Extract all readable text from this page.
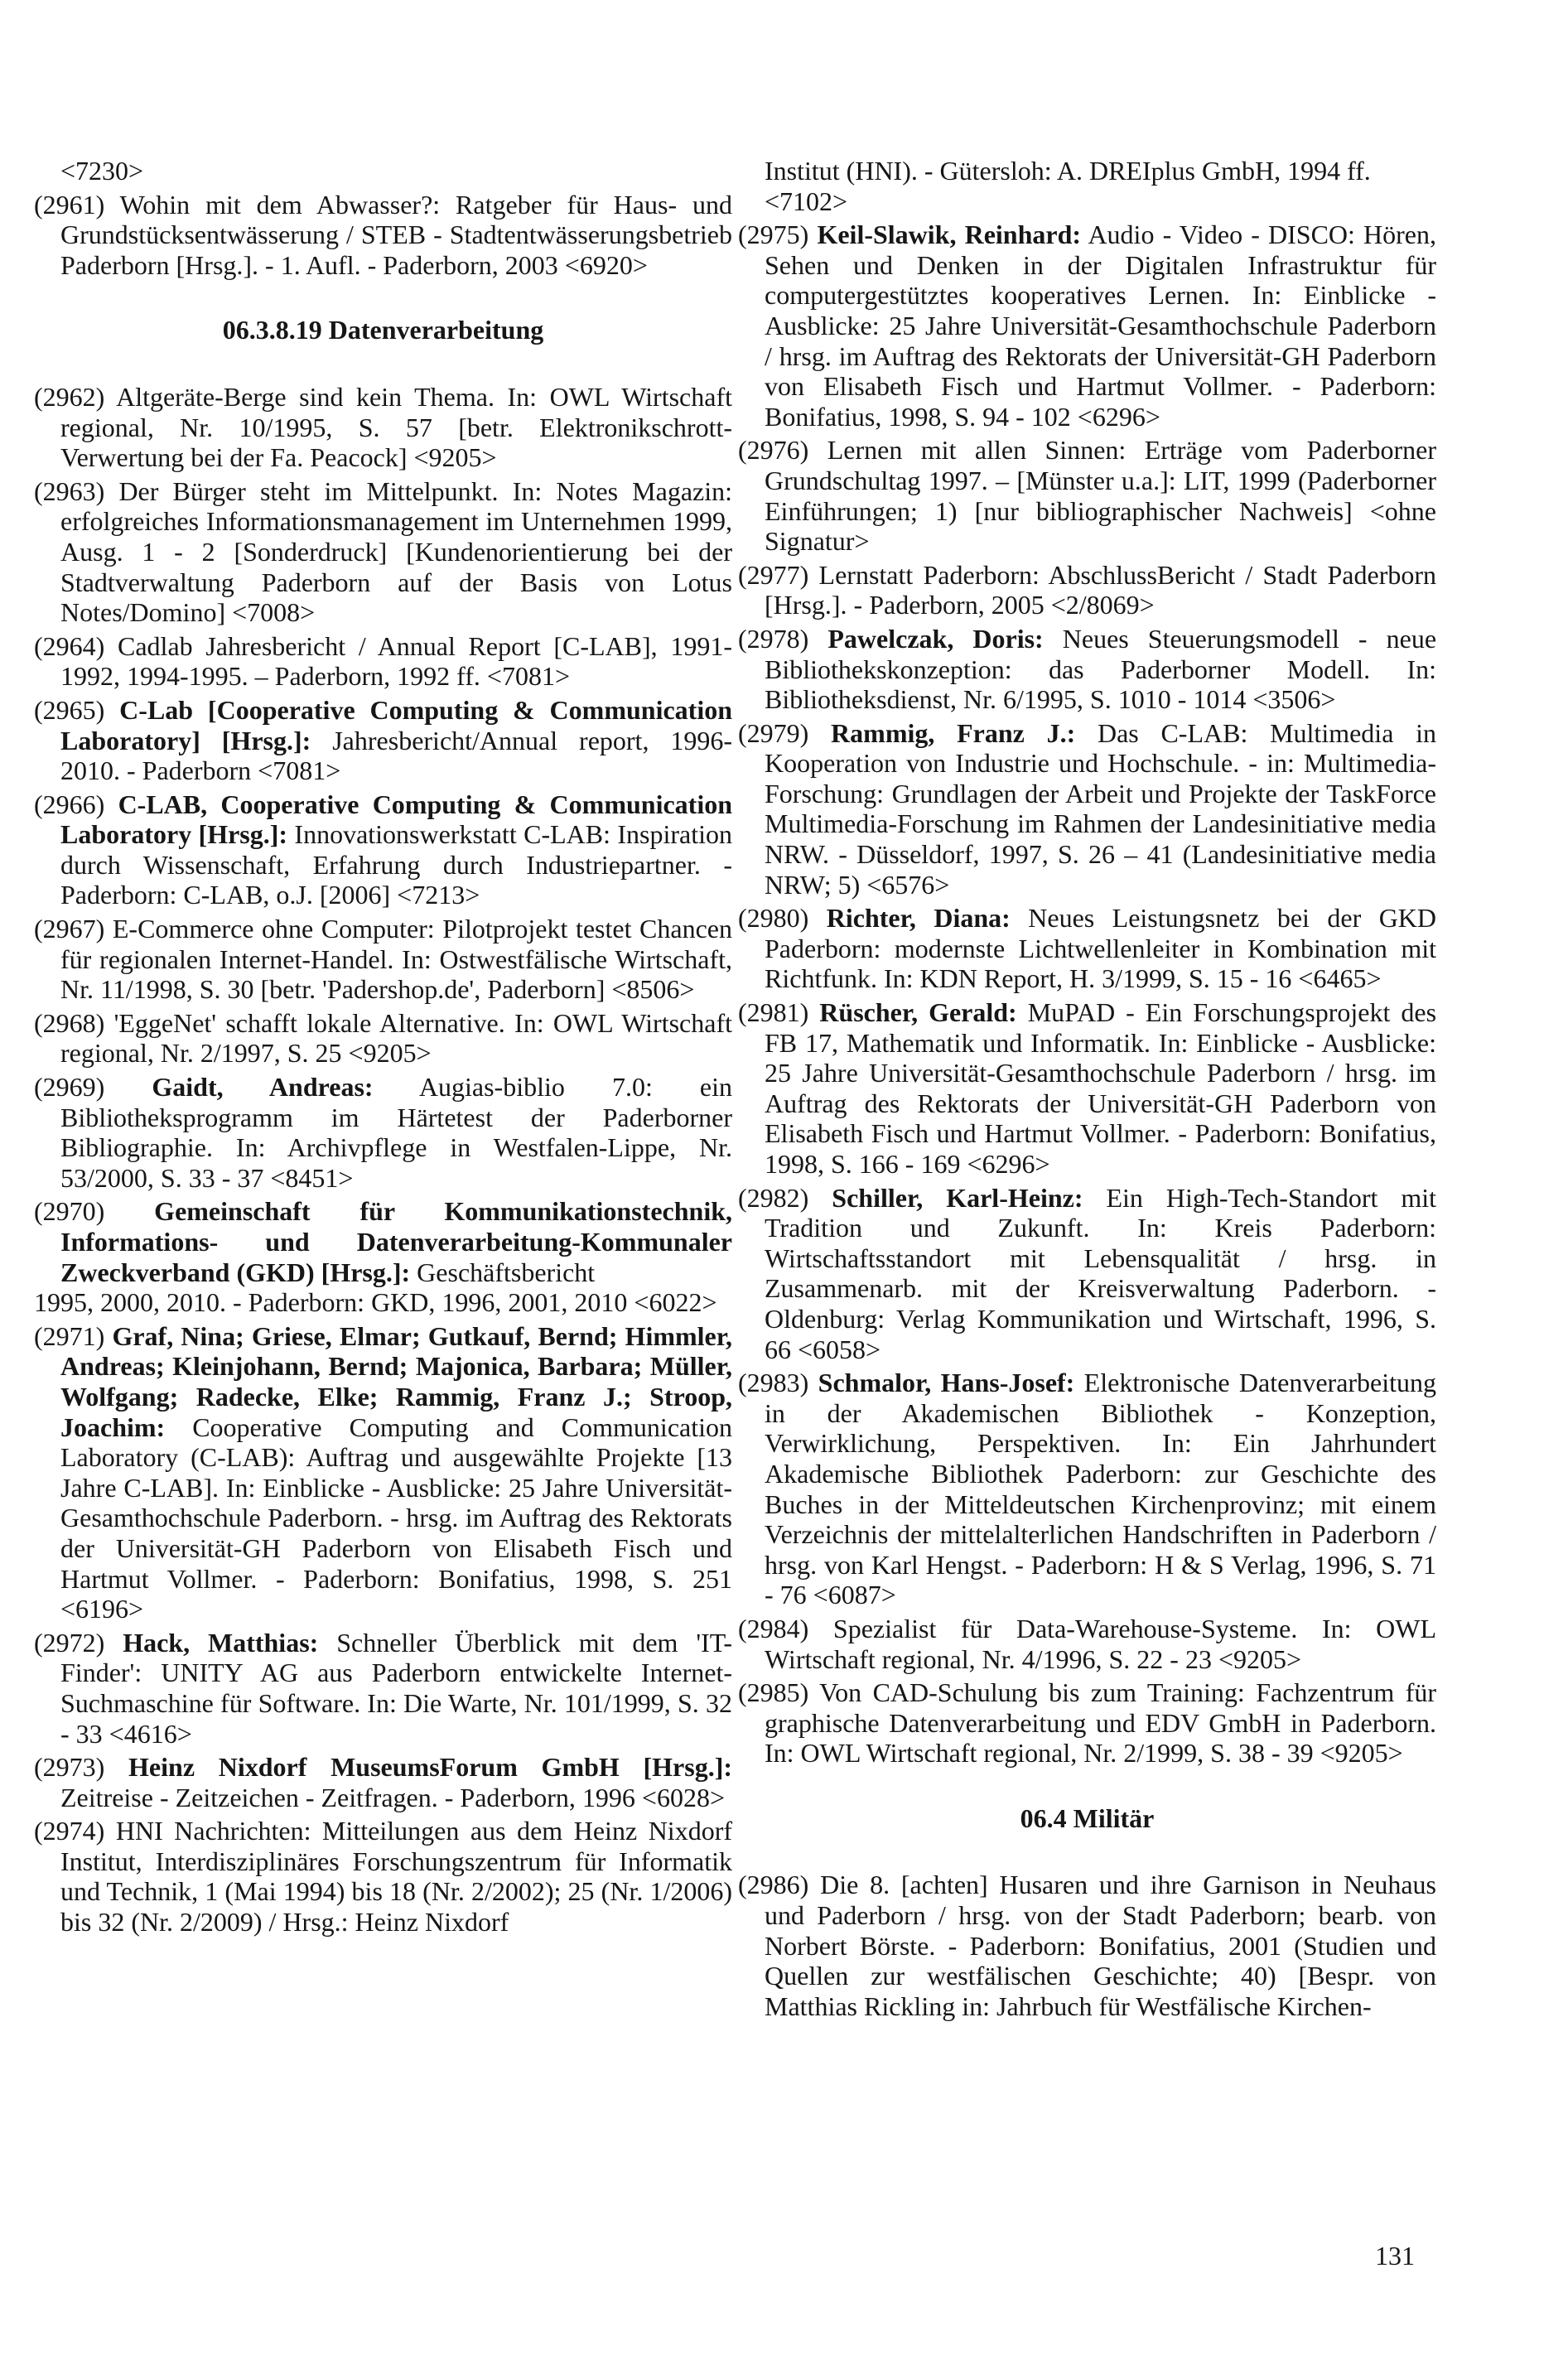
<7230>

(2961) Wohin mit dem Abwasser?: Ratgeber für Haus- und Grundstücksentwässerung / STEB - Stadtentwässerungsbetrieb Paderborn [Hrsg.]. - 1. Aufl. - Paderborn, 2003 <6920>

06.3.8.19 Datenverarbeitung

(2962) Altgeräte-Berge sind kein Thema. In: OWL Wirtschaft regional, Nr. 10/1995, S. 57 [betr. Elektronikschrott-Verwertung bei der Fa. Peacock] <9205>

(2963) Der Bürger steht im Mittelpunkt. In: Notes Magazin: erfolgreiches Informationsmanagement im Unternehmen 1999, Ausg. 1 - 2 [Sonderdruck] [Kundenorientierung bei der Stadtverwaltung Paderborn auf der Basis von Lotus Notes/Domino] <7008>

(2964) Cadlab Jahresbericht / Annual Report [C-LAB], 1991-1992, 1994-1995. – Paderborn, 1992 ff. <7081>

(2965) C-Lab [Cooperative Computing & Communication Laboratory] [Hrsg.]: Jahresbericht/Annual report, 1996-2010. - Paderborn <7081>

(2966) C-LAB, Cooperative Computing & Communication Laboratory [Hrsg.]: Innovationswerkstatt C-LAB: Inspiration durch Wissenschaft, Erfahrung durch Industriepartner. - Paderborn: C-LAB, o.J. [2006] <7213>

(2967) E-Commerce ohne Computer: Pilotprojekt testet Chancen für regionalen Internet-Handel. In: Ostwestfälische Wirtschaft, Nr. 11/1998, S. 30 [betr. 'Padershop.de', Paderborn] <8506>

(2968) 'EggeNet' schafft lokale Alternative. In: OWL Wirtschaft regional, Nr. 2/1997, S. 25 <9205>

(2969) Gaidt, Andreas: Augias-biblio 7.0: ein Bibliotheksprogramm im Härtetest der Paderborner Bibliographie. In: Archivpflege in Westfalen-Lippe, Nr. 53/2000, S. 33 - 37 <8451>

(2970) Gemeinschaft für Kommunikationstechnik, Informations- und Datenverarbeitung-Kommunaler Zweckverband (GKD) [Hrsg.]: Geschäftsbericht

1995, 2000, 2010. - Paderborn: GKD, 1996, 2001, 2010 <6022>

(2971) Graf, Nina; Griese, Elmar; Gutkauf, Bernd; Himmler, Andreas; Kleinjohann, Bernd; Majonica, Barbara; Müller, Wolfgang; Radecke, Elke; Rammig, Franz J.; Stroop, Joachim: Cooperative Computing and Communication Laboratory (C-LAB): Auftrag und ausgewählte Projekte [13 Jahre C-LAB]. In: Einblicke - Ausblicke: 25 Jahre Universität-Gesamthochschule Paderborn. - hrsg. im Auftrag des Rektorats der Universität-GH Paderborn von Elisabeth Fisch und Hartmut Vollmer. - Paderborn: Bonifatius, 1998, S. 251 <6196>

(2972) Hack, Matthias: Schneller Überblick mit dem 'IT-Finder': UNITY AG aus Paderborn entwickelte Internet-Suchmaschine für Software. In: Die Warte, Nr. 101/1999, S. 32 - 33 <4616>

(2973) Heinz Nixdorf MuseumsForum GmbH [Hrsg.]: Zeitreise - Zeitzeichen - Zeitfragen. - Paderborn, 1996 <6028>

(2974) HNI Nachrichten: Mitteilungen aus dem Heinz Nixdorf Institut, Interdisziplinäres Forschungszentrum für Informatik und Technik, 1 (Mai 1994) bis 18 (Nr. 2/2002); 25 (Nr. 1/2006) bis 32 (Nr. 2/2009) / Hrsg.: Heinz Nixdorf

Institut (HNI). - Gütersloh: A. DREIplus GmbH, 1994 ff. <7102>

(2975) Keil-Slawik, Reinhard: Audio - Video - DISCO: Hören, Sehen und Denken in der Digitalen Infrastruktur für computergestütztes kooperatives Lernen. In: Einblicke - Ausblicke: 25 Jahre Universität-Gesamthochschule Paderborn / hrsg. im Auftrag des Rektorats der Universität-GH Paderborn von Elisabeth Fisch und Hartmut Vollmer. - Paderborn: Bonifatius, 1998, S. 94 - 102 <6296>

(2976) Lernen mit allen Sinnen: Erträge vom Paderborner Grundschultag 1997. – [Münster u.a.]: LIT, 1999 (Paderborner Einführungen; 1) [nur bibliographischer Nachweis] <ohne Signatur>

(2977) Lernstatt Paderborn: AbschlussBericht / Stadt Paderborn [Hrsg.]. - Paderborn, 2005 <2/8069>

(2978) Pawelczak, Doris: Neues Steuerungsmodell - neue Bibliothekskonzeption: das Paderborner Modell. In: Bibliotheksdienst, Nr. 6/1995, S. 1010 - 1014 <3506>

(2979) Rammig, Franz J.: Das C-LAB: Multimedia in Kooperation von Industrie und Hochschule. - in: Multimedia-Forschung: Grundlagen der Arbeit und Projekte der TaskForce Multimedia-Forschung im Rahmen der Landesinitiative media NRW. - Düsseldorf, 1997, S. 26 – 41 (Landesinitiative media NRW; 5) <6576>

(2980) Richter, Diana: Neues Leistungsnetz bei der GKD Paderborn: modernste Lichtwellenleiter in Kombination mit Richtfunk. In: KDN Report, H. 3/1999, S. 15 - 16 <6465>

(2981) Rüscher, Gerald: MuPAD - Ein Forschungsprojekt des FB 17, Mathematik und Informatik. In: Einblicke - Ausblicke: 25 Jahre Universität-Gesamthochschule Paderborn / hrsg. im Auftrag des Rektorats der Universität-GH Paderborn von Elisabeth Fisch und Hartmut Vollmer. - Paderborn: Bonifatius, 1998, S. 166 - 169 <6296>

(2982) Schiller, Karl-Heinz: Ein High-Tech-Standort mit Tradition und Zukunft. In: Kreis Paderborn: Wirtschaftsstandort mit Lebensqualität / hrsg. in Zusammenarb. mit der Kreisverwaltung Paderborn. - Oldenburg: Verlag Kommunikation und Wirtschaft, 1996, S. 66 <6058>

(2983) Schmalor, Hans-Josef: Elektronische Datenverarbeitung in der Akademischen Bibliothek - Konzeption, Verwirklichung, Perspektiven. In: Ein Jahrhundert Akademische Bibliothek Paderborn: zur Geschichte des Buches in der Mitteldeutschen Kirchenprovinz; mit einem Verzeichnis der mittelalterlichen Handschriften in Paderborn / hrsg. von Karl Hengst. - Paderborn: H & S Verlag, 1996, S. 71 - 76 <6087>

(2984) Spezialist für Data-Warehouse-Systeme. In: OWL Wirtschaft regional, Nr. 4/1996, S. 22 - 23 <9205>

(2985) Von CAD-Schulung bis zum Training: Fachzentrum für graphische Datenverarbeitung und EDV GmbH in Paderborn. In: OWL Wirtschaft regional, Nr. 2/1999, S. 38 - 39 <9205>

06.4 Militär

(2986) Die 8. [achten] Husaren und ihre Garnison in Neuhaus und Paderborn / hrsg. von der Stadt Paderborn; bearb. von Norbert Börste. - Paderborn: Bonifatius, 2001 (Studien und Quellen zur westfälischen Geschichte; 40) [Bespr. von Matthias Rickling in: Jahrbuch für Westfälische Kirchen-

131
